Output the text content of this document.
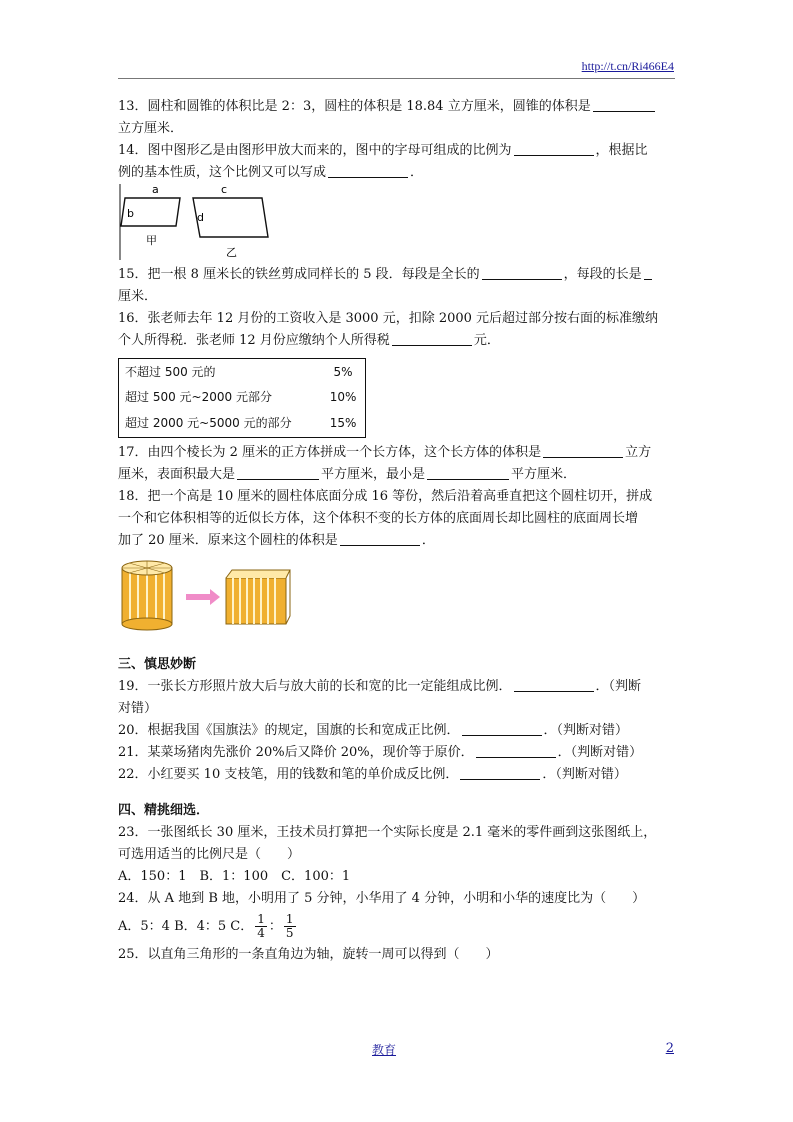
http://t.cn/Ri466E4

13．圆柱和圆锥的体积比是 2：3，圆柱的体积是 18.84 立方厘米，圆锥的体积是
立方厘米．

14．图中图形乙是由图形甲放大而来的，图中的字母可组成的比例为	，根据比
例的基本性质，这个比例又可以写成	．

a
b
c
d
甲
乙

15．把一根 8 厘米长的铁丝剪成同样长的 5 段．每段是全长的	，每段的长是
厘米．

16．张老师去年 12 月份的工资收入是 3000 元，扣除 2000 元后超过部分按右面的标准缴纳
个人所得税．张老师 12 月份应缴纳个人所得税	元．

不超过 500 元的	5%
超过 500 元~2000 元部分	10%
超过 2000 元~5000 元的部分	15%

17．由四个棱长为 2 厘米的正方体拼成一个长方体，这个长方体的体积是	立方
厘米，表面积最大是	平方厘米，最小是	平方厘米．

18．把一个高是 10 厘米的圆柱体底面分成 16 等份，然后沿着高垂直把这个圆柱切开，拼成
一个和它体积相等的近似长方体，这个体积不变的长方体的底面周长却比圆柱的底面周长增
加了 20 厘米．原来这个圆柱的体积是	．

三、慎思妙断

19．一张长方形照片放大后与放大前的长和宽的比一定能组成比例．	．（判断
对错）

20．根据我国《国旗法》的规定，国旗的长和宽成正比例．	．（判断对错）

21．某菜场猪肉先涨价 20%后又降价 20%，现价等于原价．	．（判断对错）

22．小红要买 10 支枝笔，用的钱数和笔的单价成反比例．	．（判断对错）

四、精挑细选．

23．一张图纸长 30 厘米，王技术员打算把一个实际长度是 2.1 毫米的零件画到这张图纸上，
可选用适当的比例尺是（　　）
A．150：1　B．1：100　C．100：1

24．从 A 地到 B 地，小明用了 5 分钟，小华用了 4 分钟，小明和小华的速度比为（　　）

A．5：4 B．4：5 C． $\frac{1}{4}$ ： $\frac{1}{5}$

25．以直角三角形的一条直角边为轴，旋转一周可以得到（　　）

教育	2
